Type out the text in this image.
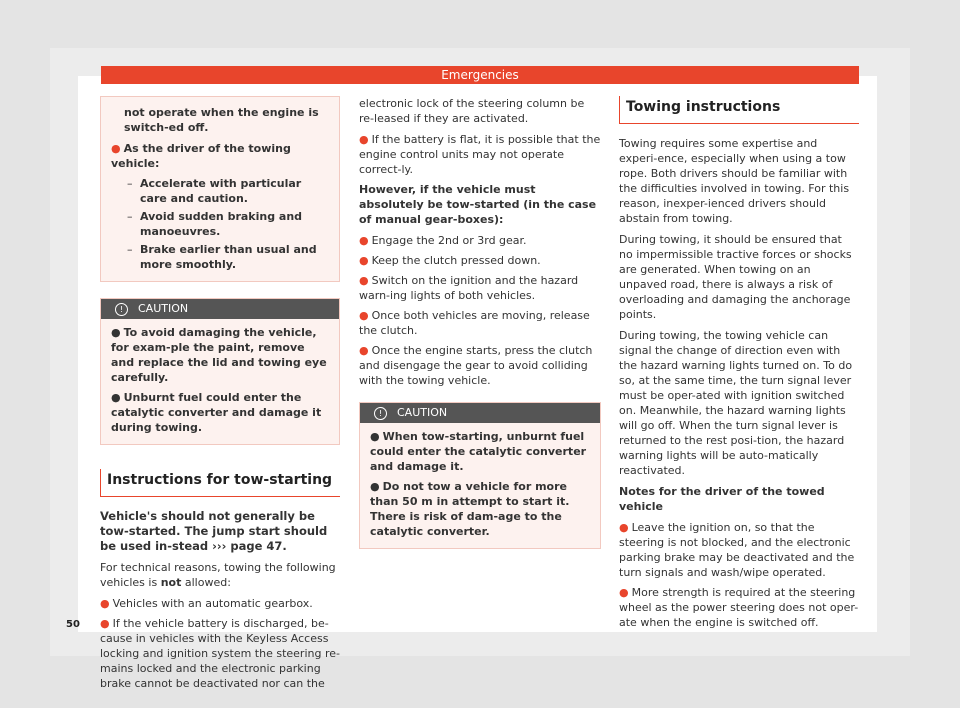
Emergencies

not operate when the engine is switch-ed off.

● As the driver of the towing vehicle:

– Accelerate with particular care and caution.

– Avoid sudden braking and manoeuvres.

– Brake earlier than usual and more smoothly.

! CAUTION

● To avoid damaging the vehicle, for exam-ple the paint, remove and replace the lid and towing eye carefully.

● Unburnt fuel could enter the catalytic converter and damage it during towing.

Instructions for tow-starting

Vehicle's should not generally be tow-started. The jump start should be used in-stead ››› page 47.

For technical reasons, towing the following vehicles is not allowed:

● Vehicles with an automatic gearbox.

● If the vehicle battery is discharged, be-cause in vehicles with the Keyless Access locking and ignition system the steering re-mains locked and the electronic parking brake cannot be deactivated nor can the

electronic lock of the steering column be re-leased if they are activated.

● If the battery is flat, it is possible that the engine control units may not operate correct-ly.

However, if the vehicle must absolutely be tow-started (in the case of manual gear-boxes):

● Engage the 2nd or 3rd gear.

● Keep the clutch pressed down.

● Switch on the ignition and the hazard warn-ing lights of both vehicles.

● Once both vehicles are moving, release the clutch.

● Once the engine starts, press the clutch and disengage the gear to avoid colliding with the towing vehicle.

! CAUTION

● When tow-starting, unburnt fuel could enter the catalytic converter and damage it.

● Do not tow a vehicle for more than 50 m in attempt to start it. There is risk of dam-age to the catalytic converter.

Towing instructions

Towing requires some expertise and experi-ence, especially when using a tow rope. Both drivers should be familiar with the difficulties involved in towing. For this reason, inexper-ienced drivers should abstain from towing.

During towing, it should be ensured that no impermissible tractive forces or shocks are generated. When towing on an unpaved road, there is always a risk of overloading and damaging the anchorage points.

During towing, the towing vehicle can signal the change of direction even with the hazard warning lights turned on. To do so, at the same time, the turn signal lever must be oper-ated with ignition switched on. Meanwhile, the hazard warning lights will go off. When the turn signal lever is returned to the rest posi-tion, the hazard warning lights will be auto-matically reactivated.

Notes for the driver of the towed vehicle

● Leave the ignition on, so that the steering is not blocked, and the electronic parking brake may be deactivated and the turn signals and wash/wipe operated.

● More strength is required at the steering wheel as the power steering does not oper-ate when the engine is switched off.

50
